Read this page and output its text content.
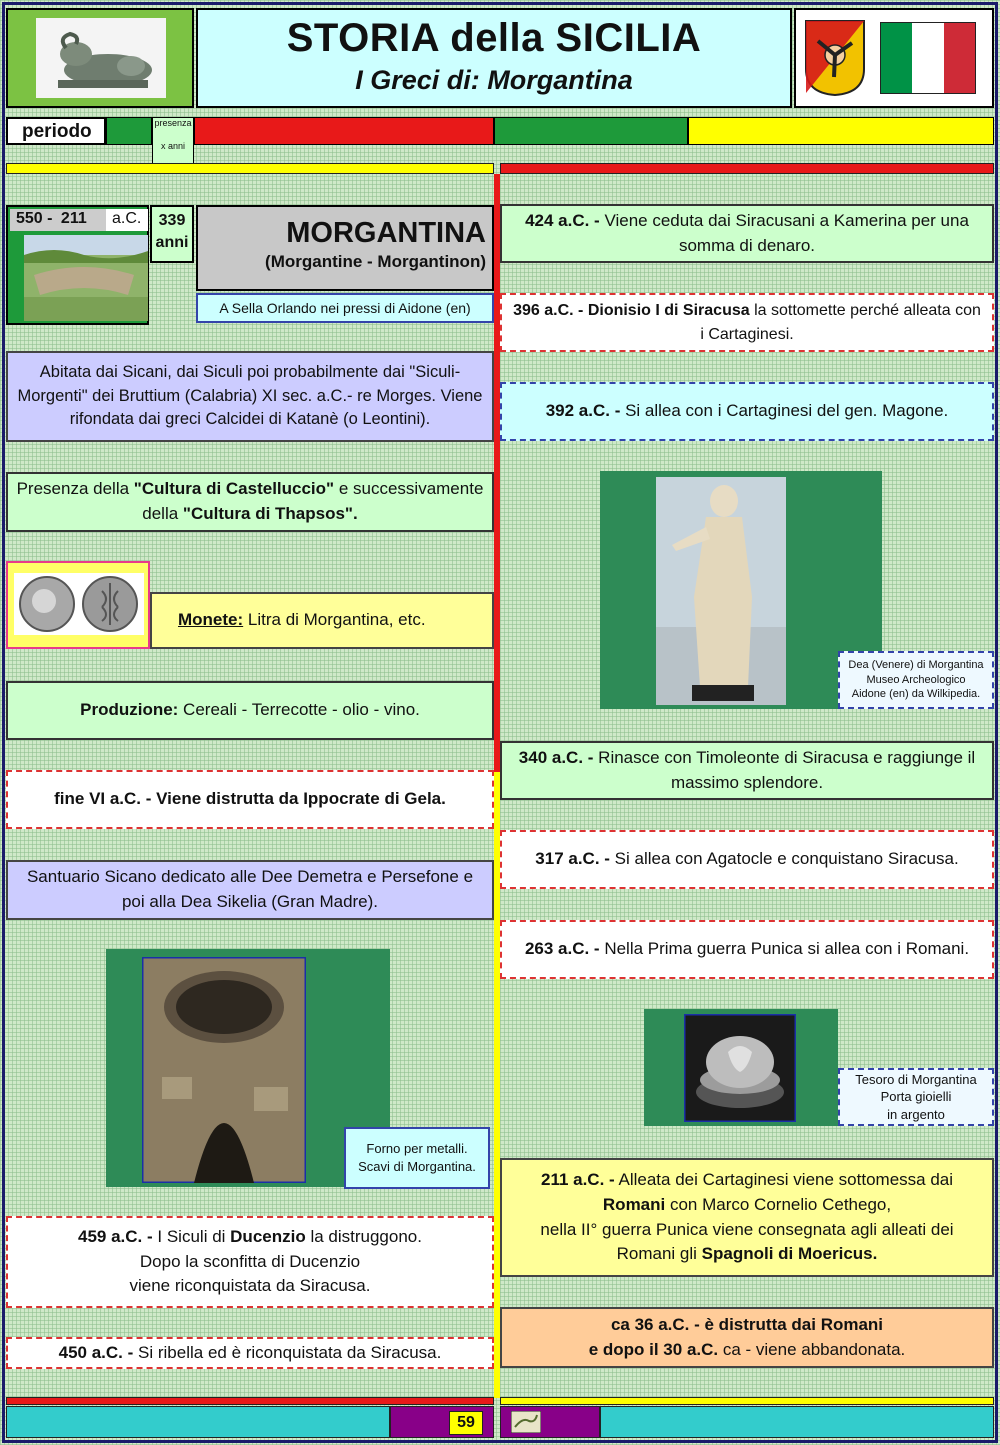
STORIA della SICILIA
I Greci di: Morgantina
periodo	presenza
x anni
550 - 211	a.C.	339
anni	MORGANTINA
(Morgantine - Morgantinon)
A Sella Orlando nei pressi di Aidone (en)
Abitata dai Sicani, dai Siculi poi probabilmente dai "Siculi-Morgenti" dei Bruttium (Calabria) XI sec. a.C.- re Morges. Viene rifondata dai greci Calcidei di Katanè (o Leontini).
Presenza della "Cultura di Castelluccio" e successivamente della "Cultura di Thapsos".
Monete: Litra di Morgantina, etc.
Produzione: Cereali - Terrecotte - olio - vino.
fine VI a.C. - Viene distrutta da Ippocrate di Gela.
Santuario Sicano dedicato alle Dee Demetra e Persefone e poi alla Dea Sikelia (Gran Madre).
Forno per metalli.
Scavi di Morgantina.
459 a.C. - I Siculi di Ducenzio la distruggono.
Dopo la sconfitta di Ducenzio
viene riconquistata da Siracusa.
450 a.C. - Si ribella ed è riconquistata da Siracusa.
424 a.C. - Viene ceduta dai Siracusani a Kamerina per una somma di denaro.
396 a.C. - Dionisio I di Siracusa la sottomette perché alleata con i Cartaginesi.
392 a.C. - Si allea con i Cartaginesi del gen. Magone.
Dea (Venere) di Morgantina
Museo Archeologico
Aidone (en) da Wilkipedia.
340 a.C. - Rinasce con Timoleonte di Siracusa e raggiunge il massimo splendore.
317 a.C. - Si allea con Agatocle e conquistano Siracusa.
263 a.C. - Nella Prima guerra Punica si allea con i Romani.
Tesoro di Morgantina
Porta gioielli
in argento
211 a.C. - Alleata dei Cartaginesi viene sottomessa dai Romani con Marco Cornelio Cethego,
nella II° guerra Punica viene consegnata agli alleati dei Romani gli Spagnoli di Moericus.
ca 36 a.C. - è distrutta dai Romani
e dopo il 30 a.C. ca - viene abbandonata.
59
